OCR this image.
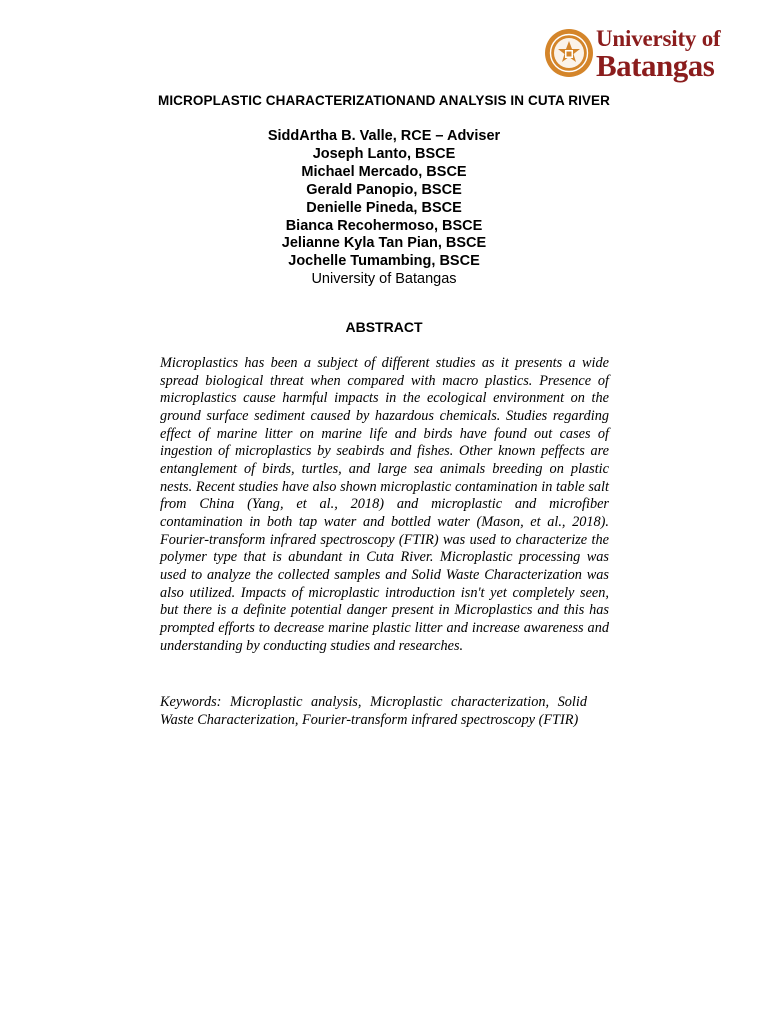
University of
Batangas
MICROPLASTIC CHARACTERIZATIONAND ANALYSIS IN CUTA RIVER
SiddArtha B. Valle, RCE – Adviser
Joseph Lanto, BSCE
Michael Mercado, BSCE
Gerald Panopio, BSCE
Denielle Pineda, BSCE
Bianca Recohermoso, BSCE
Jelianne Kyla Tan Pian, BSCE
Jochelle Tumambing, BSCE
University of Batangas
ABSTRACT

Microplastics has been a subject of different studies as it presents a wide spread biological threat when compared with macro plastics. Presence of microplastics cause harmful impacts in the ecological environment on the ground surface sediment caused by hazardous chemicals. Studies regarding effect of marine litter on marine life and birds have found out cases of ingestion of microplastics by seabirds and fishes. Other known peffects are entanglement of birds, turtles, and large sea animals breeding on plastic nests. Recent studies have also shown microplastic contamination in table salt from China (Yang, et al., 2018) and microplastic and microfiber contamination in both tap water and bottled water (Mason, et al., 2018). Fourier-transform infrared spectroscopy (FTIR) was used to characterize the polymer type that is abundant in Cuta River. Microplastic processing was used to analyze the collected samples and Solid Waste Characterization was also utilized. Impacts of microplastic introduction isn't yet completely seen, but there is a definite potential danger present in Microplastics and this has prompted efforts to decrease marine plastic litter and increase awareness and understanding by conducting studies and researches.

Keywords: Microplastic analysis, Microplastic characterization, Solid Waste Characterization, Fourier-transform infrared spectroscopy (FTIR)
